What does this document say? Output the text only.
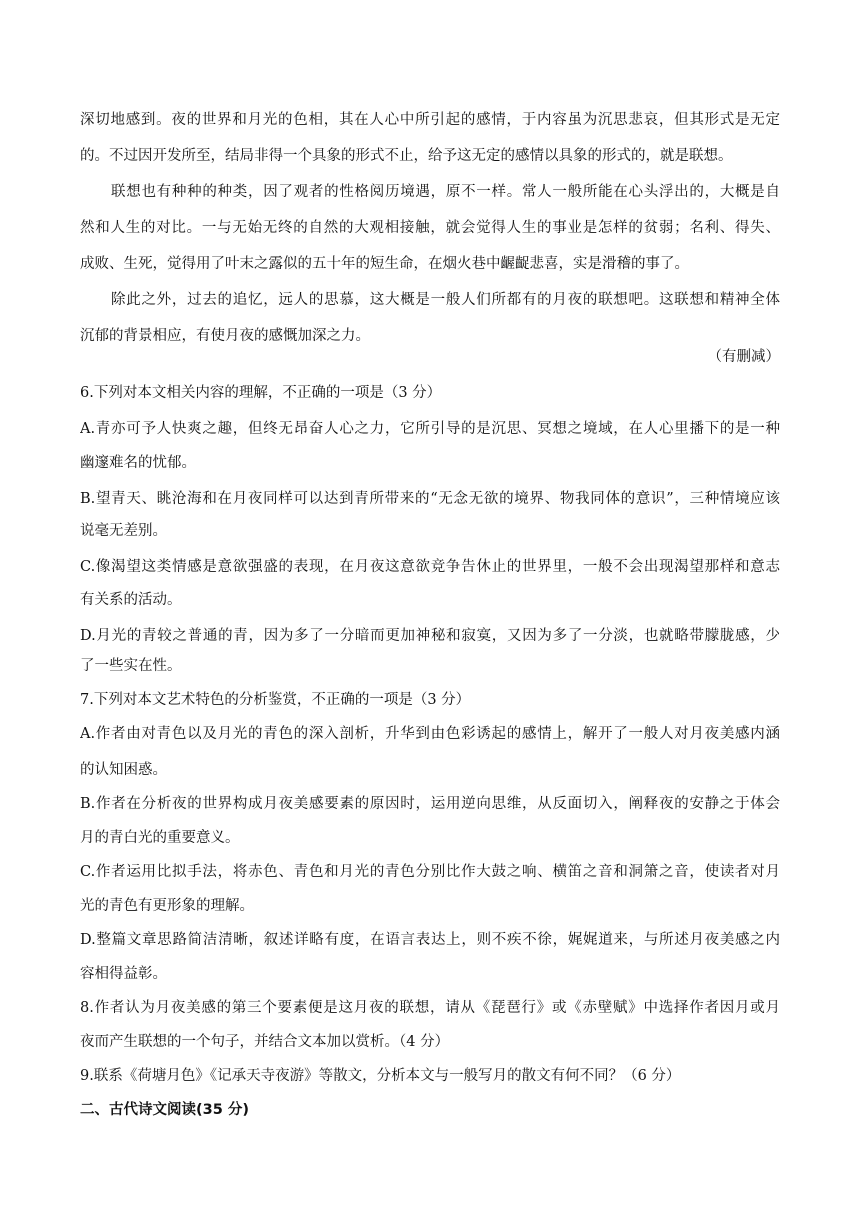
深切地感到。夜的世界和月光的色相，其在人心中所引起的感情，于内容虽为沉思悲哀，但其形式是无定
的。不过因开发所至，结局非得一个具象的形式不止，给予这无定的感情以具象的形式的，就是联想。
联想也有种种的种类，因了观者的性格阅历境遇，原不一样。常人一般所能在心头浮出的，大概是自
然和人生的对比。一与无始无终的自然的大观相接触，就会觉得人生的事业是怎样的贫弱；名利、得失、
成败、生死，觉得用了叶末之露似的五十年的短生命，在烟火巷中齷齪悲喜，实是滑稽的事了。
除此之外，过去的追忆，远人的思慕，这大概是一般人们所都有的月夜的联想吧。这联想和精神全体
沉郁的背景相应，有使月夜的感慨加深之力。
（有删减）
6.下列对本文相关内容的理解，不正确的一项是（3 分）
A.青亦可予人快爽之趣，但终无昂奋人心之力，它所引导的是沉思、冥想之境域，在人心里播下的是一种
幽邃难名的忧郁。
B.望青天、眺沧海和在月夜同样可以达到青所带来的“无念无欲的境界、物我同体的意识”，三种情境应该
说毫无差别。
C.像渴望这类情感是意欲强盛的表现，在月夜这意欲竞争告休止的世界里，一般不会出现渴望那样和意志
有关系的活动。
D.月光的青较之普通的青，因为多了一分暗而更加神秘和寂寞，又因为多了一分淡，也就略带朦胧感，少
了一些实在性。
7.下列对本文艺术特色的分析鉴赏，不正确的一项是（3 分）
A.作者由对青色以及月光的青色的深入剖析，升华到由色彩诱起的感情上，解开了一般人对月夜美感内涵
的认知困惑。
B.作者在分析夜的世界构成月夜美感要素的原因时，运用逆向思维，从反面切入，阐释夜的安静之于体会
月的青白光的重要意义。
C.作者运用比拟手法，将赤色、青色和月光的青色分别比作大鼓之响、横笛之音和洞箫之音，使读者对月
光的青色有更形象的理解。
D.整篇文章思路简洁清晰，叙述详略有度，在语言表达上，则不疾不徐，娓娓道来，与所述月夜美感之内
容相得益彰。
8.作者认为月夜美感的第三个要素便是这月夜的联想，请从《琵琶行》或《赤壁赋》中选择作者因月或月
夜而产生联想的一个句子，并结合文本加以赏析。（4 分）
9.联系《荷塘月色》《记承天寺夜游》等散文，分析本文与一般写月的散文有何不同？（6 分）
二、古代诗文阅读(35 分)
